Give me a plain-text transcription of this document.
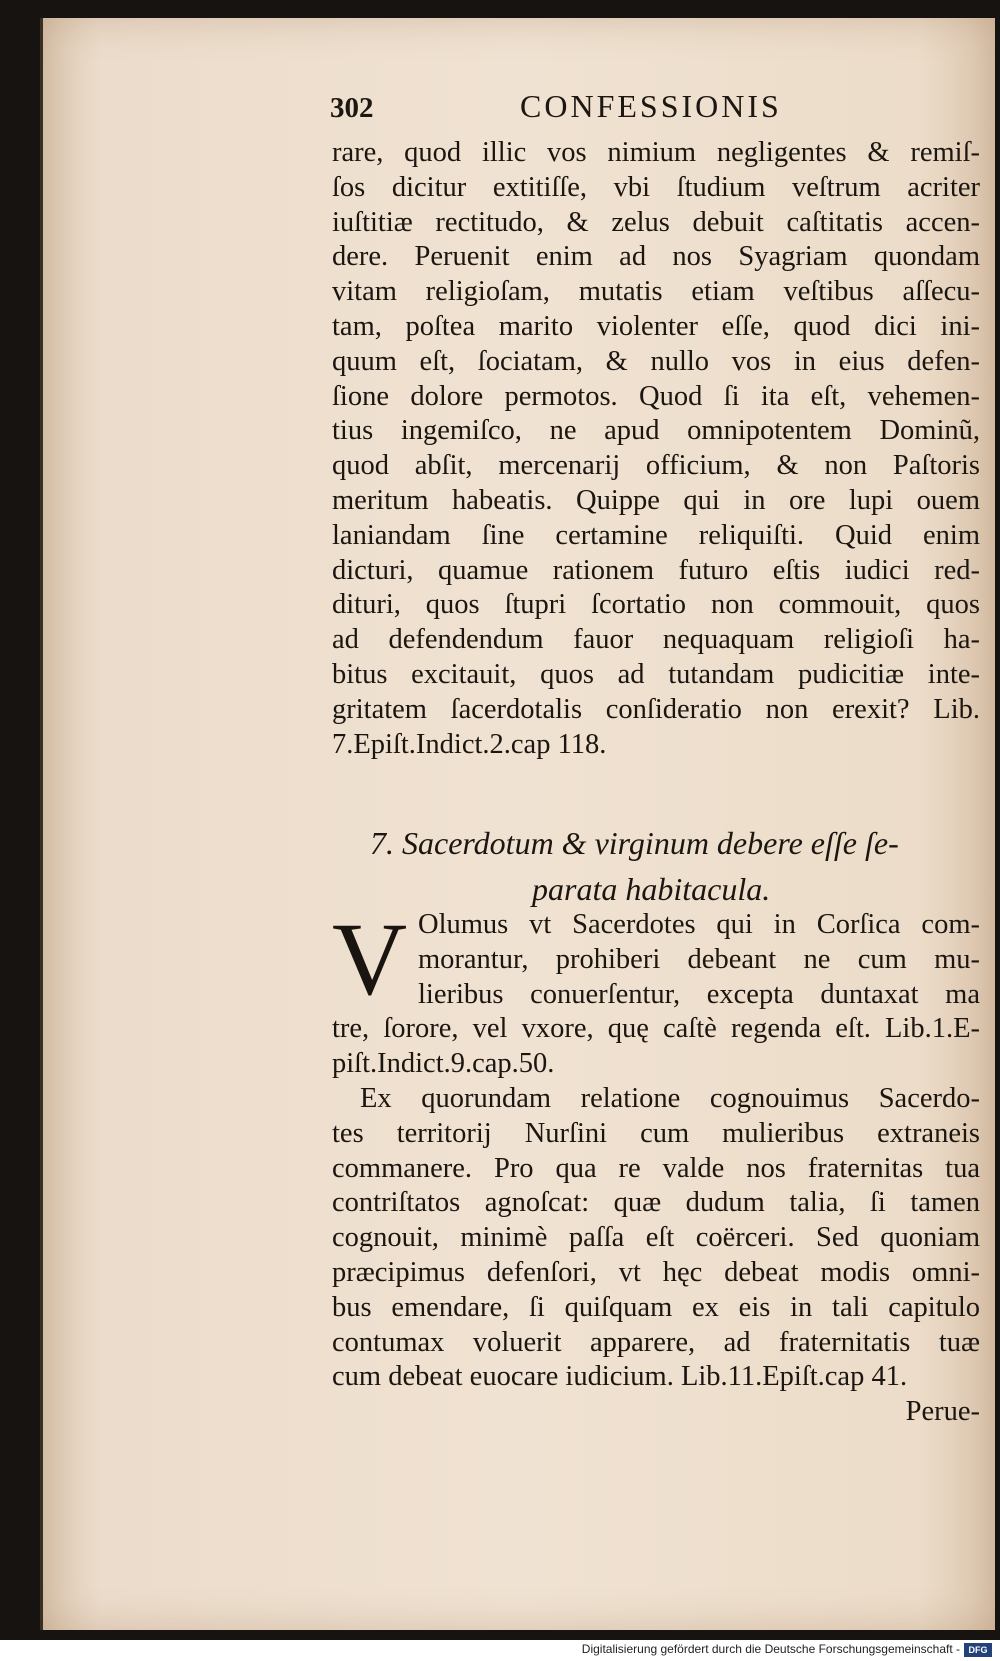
302	CONFESSIONIS
rare, quod illic vos nimium negligentes & remiſ-
ſos dicitur extitiſſe, vbi ſtudium veſtrum acriter
iuſtitiæ rectitudo, & zelus debuit caſtitatis accen-
dere. Peruenit enim ad nos Syagriam quondam
vitam religioſam, mutatis etiam veſtibus aſſecu-
tam, poſtea marito violenter eſſe, quod dici ini-
quum eſt, ſociatam, & nullo vos in eius defen-
ſione dolore permotos. Quod ſi ita eſt, vehemen-
tius ingemiſco, ne apud omnipotentem Dominũ,
quod abſit, mercenarij officium, & non Paſtoris
meritum habeatis. Quippe qui in ore lupi ouem
laniandam ſine certamine reliquiſti. Quid enim
dicturi, quamue rationem futuro eſtis iudici red-
dituri, quos ſtupri ſcortatio non commouit, quos
ad defendendum fauor nequaquam religioſi ha-
bitus excitauit, quos ad tutandam pudicitiæ inte-
gritatem ſacerdotalis conſideratio non erexit? Lib.
7.Epiſt.Indict.2.cap 118.
7. Sacerdotum & virginum debere eſſe ſe-
parata habitacula.
V Olumus vt Sacerdotes qui in Corſica com-
morantur, prohiberi debeant ne cum mu-
lieribus conuerſentur, excepta duntaxat ma
tre, ſorore, vel vxore, quę caſtè regenda eſt. Lib.1.E-
piſt.Indict.9.cap.50.
Ex quorundam relatione cognouimus Sacerdo-
tes territorij Nurſini cum mulieribus extraneis
commanere. Pro qua re valde nos fraternitas tua
contriſtatos agnoſcat: quæ dudum talia, ſi tamen
cognouit, minimè paſſa eſt coërceri. Sed quoniam
præcipimus defenſori, vt hęc debeat modis omni-
bus emendare, ſi quiſquam ex eis in tali capitulo
contumax voluerit apparere, ad fraternitatis tuæ
cum debeat euocare iudicium. Lib.11.Epiſt.cap 41.
Perue-
Digitalisierung gefördert durch die Deutsche Forschungsgemeinschaft - DFG
